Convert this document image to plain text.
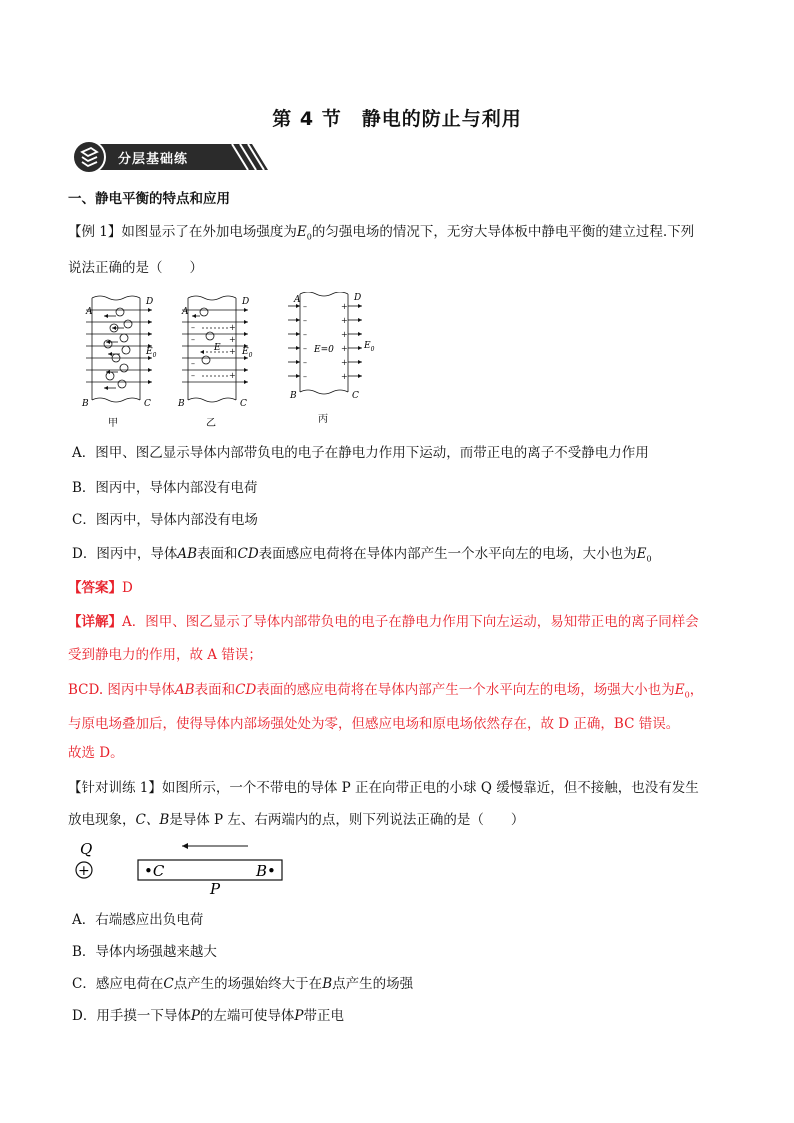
第 4 节　静电的防止与利用
分层基础练
一、静电平衡的特点和应用
【例 1】如图显示了在外加电场强度为$E_0$的匀强电场的情况下，无穷大导体板中静电平衡的建立过程.下列
说法正确的是（　　）
A
D
B	C
$E_0$
甲
–
–
–
–
+
+
+
+
A
D
B	C
E $E_0$
乙
–
–
–
–
–
–
+
+
+
+
+
+
A	D
B	C
E=0	$E_0$
丙
A．图甲、图乙显示导体内部带负电的电子在静电力作用下运动，而带正电的离子不受静电力作用
B．图丙中，导体内部没有电荷
C．图丙中，导体内部没有电场
D．图丙中，导体AB表面和CD表面感应电荷将在导体内部产生一个水平向左的电场，大小也为$E_0$
【答案】D
【详解】A．图甲、图乙显示了导体内部带负电的电子在静电力作用下向左运动，易知带正电的离子同样会
受到静电力的作用，故 A 错误；
BCD. 图丙中导体AB表面和CD表面的感应电荷将在导体内部产生一个水平向左的电场，场强大小也为$E_0$，
与原电场叠加后，使得导体内部场强处处为零，但感应电场和原电场依然存在，故 D 正确，BC 错误。
故选 D。
【针对训练 1】如图所示，一个不带电的导体 P 正在向带正电的小球 Q 缓慢靠近，但不接触，也没有发生
放电现象，C、B是导体 P 左、右两端内的点，则下列说法正确的是（　　）
Q
+	•C	B•
P
A．右端感应出负电荷
B．导体内场强越来越大
C．感应电荷在C点产生的场强始终大于在B点产生的场强
D．用手摸一下导体P的左端可使导体P带正电
